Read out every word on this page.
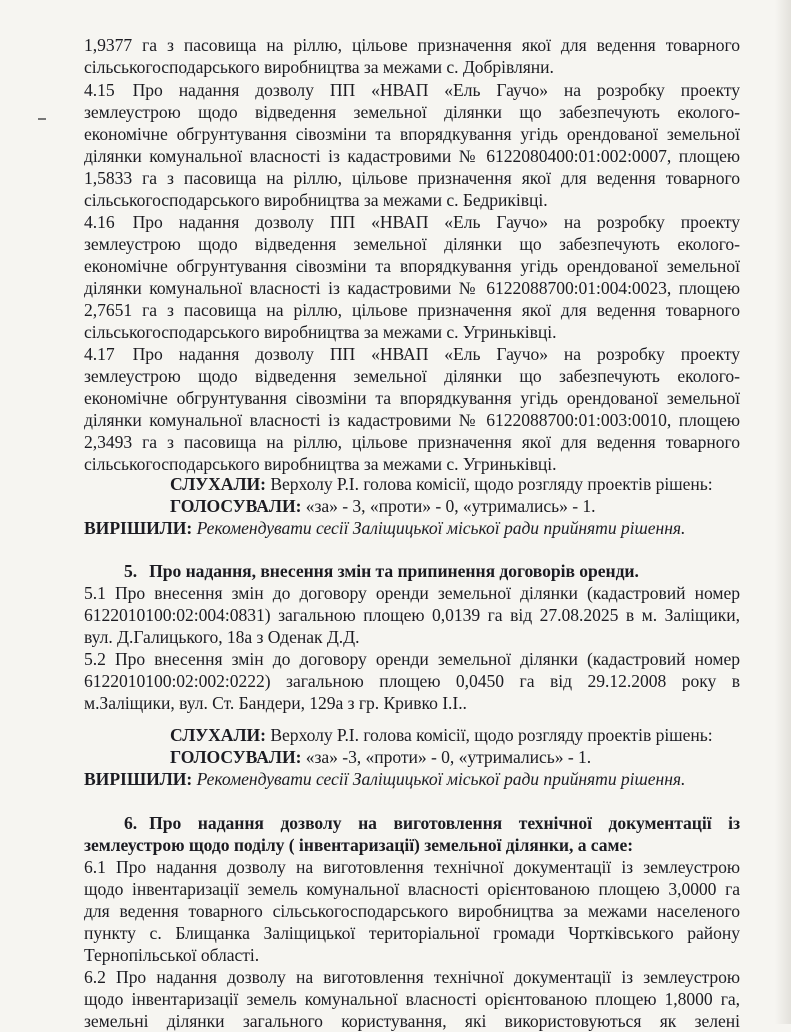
1,9377 га з пасовища на ріллю, цільове призначення якої для ведення товарного
сільськогосподарського виробництва за межами с. Добрівляни.
4.15 Про надання дозволу ПП «НВАП «Ель Гаучо» на розробку проекту
землеустрою щодо відведення земельної ділянки що забезпечують еколого-
економічне обгрунтування сівозміни та впорядкування угідь орендованої земельної
ділянки комунальної власності із кадастровими № 6122080400:01:002:0007, площею
1,5833 га з пасовища на ріллю, цільове призначення якої для ведення товарного
сільськогосподарського виробництва за межами с. Бедриківці.
4.16 Про надання дозволу ПП «НВАП «Ель Гаучо» на розробку проекту
землеустрою щодо відведення земельної ділянки що забезпечують еколого-
економічне обгрунтування сівозміни та впорядкування угідь орендованої земельної
ділянки комунальної власності із кадастровими № 6122088700:01:004:0023, площею
2,7651 га з пасовища на ріллю, цільове призначення якої для ведення товарного
сільськогосподарського виробництва за межами с. Угриньківці.
4.17 Про надання дозволу ПП «НВАП «Ель Гаучо» на розробку проекту
землеустрою щодо відведення земельної ділянки що забезпечують еколого-
економічне обгрунтування сівозміни та впорядкування угідь орендованої земельної
ділянки комунальної власності із кадастровими № 6122088700:01:003:0010, площею
2,3493 га з пасовища на ріллю, цільове призначення якої для ведення товарного
сільськогосподарського виробництва за межами с. Угриньківці.
СЛУХАЛИ: Верхолу Р.І. голова комісії, щодо розгляду проектів рішень:
ГОЛОСУВАЛИ: «за» - 3, «проти» - 0, «утримались» - 1.
ВИРІШИЛИ: Рекомендувати сесії Заліщицької міської ради прийняти рішення.
5. Про надання, внесення змін та припинення договорів оренди.
5.1 Про внесення змін до договору оренди земельної ділянки (кадастровий номер
6122010100:02:004:0831) загальною площею 0,0139 га від 27.08.2025 в м. Заліщики,
вул. Д.Галицького, 18а з Оденак Д.Д.
5.2 Про внесення змін до договору оренди земельної ділянки (кадастровий номер
6122010100:02:002:0222) загальною площею 0,0450 га від 29.12.2008 року в
м.Заліщики, вул. Ст. Бандери, 129а з гр. Кривко І.І..
СЛУХАЛИ: Верхолу Р.І. голова комісії, щодо розгляду проектів рішень:
ГОЛОСУВАЛИ: «за» -3, «проти» - 0, «утримались» - 1.
ВИРІШИЛИ: Рекомендувати сесії Заліщицької міської ради прийняти рішення.
6. Про надання дозволу на виготовлення технічної документації із
землеустрою щодо поділу ( інвентаризації) земельної ділянки, а саме:
6.1 Про надання дозволу на виготовлення технічної документації із землеустрою
щодо інвентаризації земель комунальної власності орієнтованою площею 3,0000 га
для ведення товарного сільськогосподарського виробництва за межами населеного
пункту с. Блищанка Заліщицької територіальної громади Чортківського району
Тернопільської області.
6.2 Про надання дозволу на виготовлення технічної документації із землеустрою
щодо інвентаризації земель комунальної власності орієнтованою площею 1,8000 га,
земельні ділянки загального користування, які використовуються як зелені
